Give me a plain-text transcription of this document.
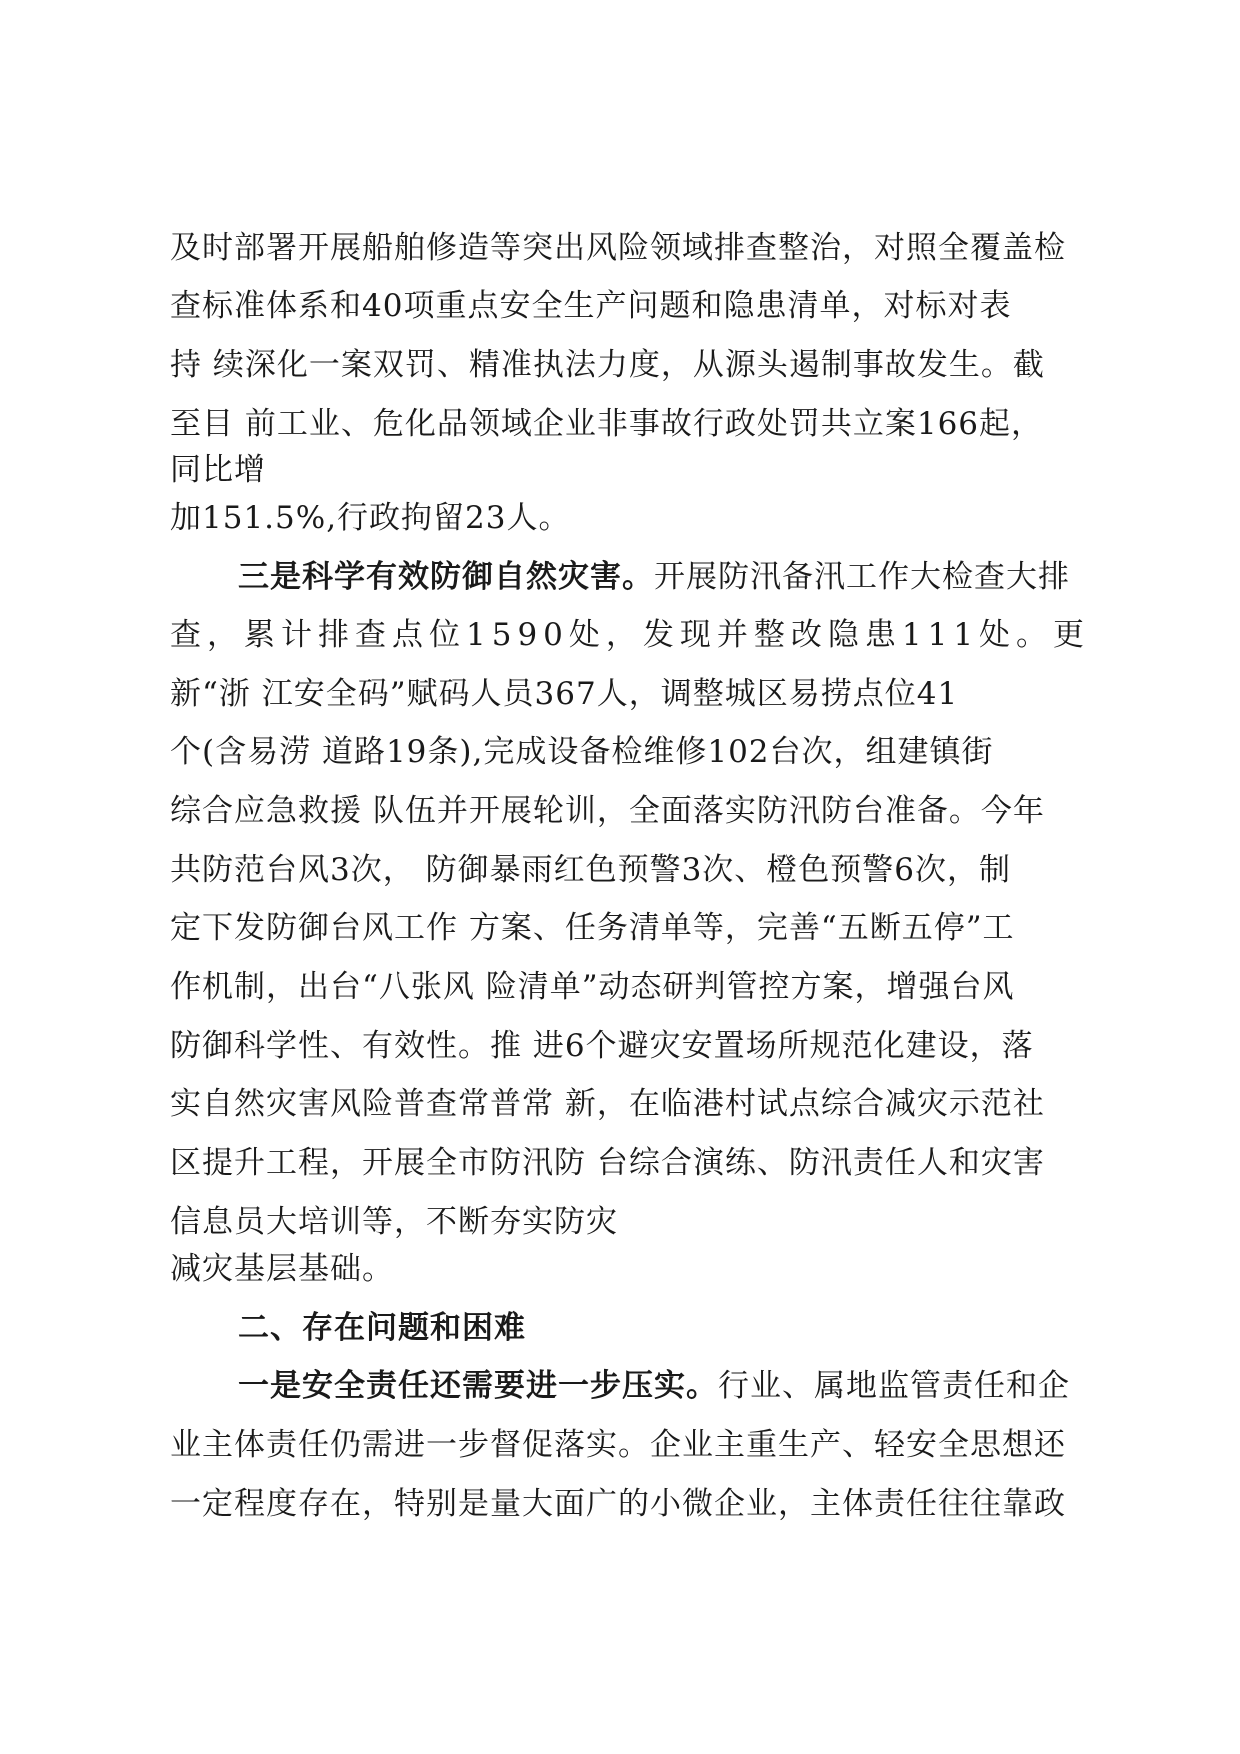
及时部署开展船舶修造等突出风险领域排查整治，对照全覆盖检
查标准体系和40项重点安全生产问题和隐患清单，对标对表
持 续深化一案双罚、精准执法力度，从源头遏制事故发生。截
至目 前工业、危化品领域企业非事故行政处罚共立案166起，
同比增
加151.5%,行政拘留23人。
三是科学有效防御自然灾害。开展防汛备汛工作大检查大排
查，累计排查点位1590处，发现并整改隐患111处。更
新“浙 江安全码”赋码人员367人，调整城区易捞点位41
个(含易涝 道路19条),完成设备检维修102台次，组建镇街
综合应急救援 队伍并开展轮训，全面落实防汛防台准备。今年
共防范台风3次， 防御暴雨红色预警3次、橙色预警6次，制
定下发防御台风工作 方案、任务清单等，完善“五断五停”工
作机制，出台“八张风 险清单”动态研判管控方案，增强台风
防御科学性、有效性。推 进6个避灾安置场所规范化建设，落
实自然灾害风险普查常普常 新，在临港村试点综合减灾示范社
区提升工程，开展全市防汛防 台综合演练、防汛责任人和灾害
信息员大培训等，不断夯实防灾
减灾基层基础。
二、存在问题和困难
一是安全责任还需要进一步压实。行业、属地监管责任和企
业主体责任仍需进一步督促落实。企业主重生产、轻安全思想还
一定程度存在，特别是量大面广的小微企业，主体责任往往靠政
